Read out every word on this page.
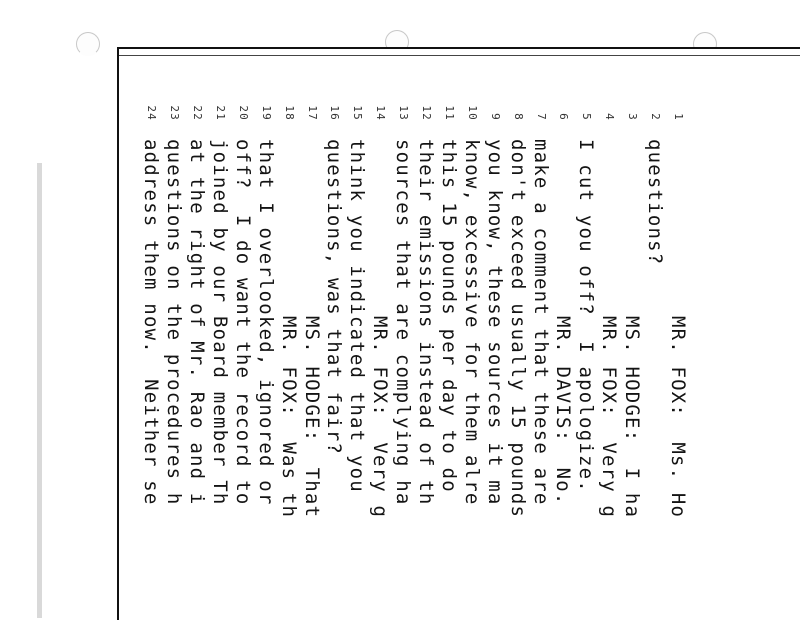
1
MR. FOX:  Ms. Ho
2
questions?
3
MS. HODGE:  I ha
4
MR. FOX:  Very g
5
I cut you off?  I apologize.
6
MR. DAVIS:  No.
7
make a comment that these are
8
don't exceed usually 15 pounds
9
you know, these sources it ma
10
know, excessive for them alre
11
this 15 pounds per day to do
12
their emissions instead of th
13
sources that are complying ha
14
MR. FOX:  Very g
15
think you indicated that you
16
questions, was that fair?
17
MS. HODGE:  That
18
MR. FOX:  Was th
19
that I overlooked, ignored or
20
off?  I do want the record to
21
joined by our Board member Th
22
at the right of Mr. Rao and i
23
questions on the procedures h
24
address them now.  Neither se
